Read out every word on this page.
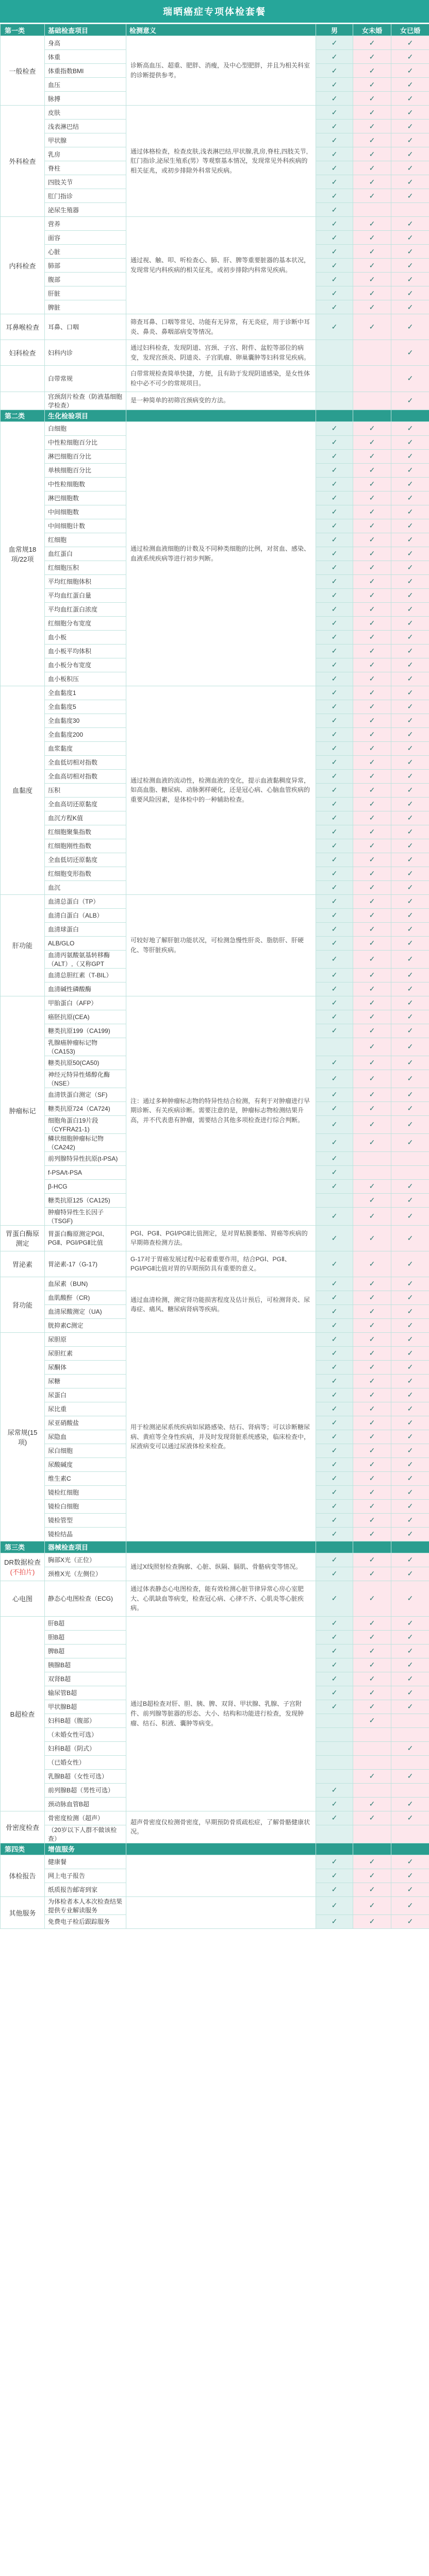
瑞晒癌症专项体检套餐
第一类	基础检查项目	检测意义	男	女未婚	女已婚

一般检查	身高	诊断高血压、超重、肥胖、消瘦，及中心型肥胖，并且为相关科室的诊断提供参考。	✓	✓	✓
	体重		✓	✓	✓
	体重指数BMI		✓	✓	✓
	血压		✓	✓	✓
	脉搏		✓	✓	✓

外科检查	皮肤	通过体格检查，检查皮肤,浅表淋巴结,甲状腺,乳房,脊柱,四肢关节,肛门指诊,泌尿生殖系(男）等观察基本情况，发现常见外科疾病的相关征兆，或初步排除外科常见疾病。	✓	✓	✓
	浅表淋巴结		✓	✓	✓
	甲状腺		✓	✓	✓
	乳房		✓	✓	✓
	脊柱		✓	✓	✓
	四肢关节		✓	✓	✓
	肛门指诊		✓	✓	✓
	泌尿生殖器		✓		

内科检查	营养	通过视、触、叩、听检查心、肺、肝、脾等重要脏器的基本状况，发现常见内科疾病的相关征兆，或初步排除内科常见疾病。	✓	✓	✓
	面容		✓	✓	✓
	心脏		✓	✓	✓
	肺部		✓	✓	✓
	腹部		✓	✓	✓
	肝脏		✓	✓	✓
	脾脏		✓	✓	✓

耳鼻喉检查	耳鼻、口咽	筛查耳鼻、口咽等常见、功能有无异常，有无炎症，用于诊断中耳炎、鼻炎、鼻咽部病变等情况。	✓	✓	✓

妇科检查	妇科内诊	通过妇科检查，发现阴道、宫颈、子宫、附件、盆腔等部位的病变，发现宫颈炎、阴道炎、子宫肌瘤、卵巢囊肿等妇科常见疾病。			✓

	白带常规	白带常规检查简单快捷，方便，且有助于发现阴道感染，是女性体检中必不可少的常规项目。			✓

	宫颈刮片检查（防液基细胞学检查）	是一种简单的初筛宫颈病变的方法。			✓
第二类	生化检验项目				

血常规18项/22项	白细胞	通过检测血液细胞的计数及不同种类细胞的比例，对贫血、感染、血液系统疾病等进行初步判断。	✓	✓	✓
	中性粒细胞百分比		✓	✓	✓
	淋巴细胞百分比		✓	✓	✓
	单核细胞百分比		✓	✓	✓
	中性粒细胞数		✓	✓	✓
	淋巴细胞数		✓	✓	✓
	中间细胞数		✓	✓	✓
	中间细胞计数		✓	✓	✓
	红细胞		✓	✓	✓
	血红蛋白		✓	✓	✓
	红细胞压积		✓	✓	✓
	平均红细胞体积		✓	✓	✓
	平均血红蛋白量		✓	✓	✓
	平均血红蛋白浓度		✓	✓	✓
	红细胞分布宽度		✓	✓	✓
	血小板		✓	✓	✓
	血小板平均体积		✓	✓	✓
	血小板分布宽度		✓	✓	✓
	血小板积压		✓	✓	✓

血黏度	全血黏度1	通过检测血液的流动性，检测血液的变化，提示血液黏稠度异常，如高血脂、糖尿病、动脉粥样硬化，还是冠心病、心脑血管疾病的重要风险因素，是体检中的一种辅助检查。	✓	✓	✓
	全血黏度5		✓	✓	✓
	全血黏度30		✓	✓	✓
	全血黏度200		✓	✓	✓
	血浆黏度		✓	✓	✓
	全血低切相对指数		✓	✓	✓
	全血高切相对指数		✓	✓	✓
	压积		✓	✓	✓
	全血高切还原黏度		✓	✓	✓
	血沉方程K值		✓	✓	✓
	红细胞聚集指数		✓	✓	✓
	红细胞刚性指数		✓	✓	✓
	全血低切还原黏度		✓	✓	✓
	红细胞变形指数		✓	✓	✓
	血沉		✓	✓	✓

肝功能	血清总蛋白（TP）	可较好地了解肝脏功能状况，可检测急慢性肝炎、脂肪肝、肝硬化、等肝脏疾病。	✓	✓	✓
	血清白蛋白（ALB）		✓	✓	✓
	血清球蛋白		✓	✓	✓
	ALB/GLO		✓	✓	✓
	血清丙氨酸氨基转移酶（ALT）,（又称GPT		✓	✓	✓
	血清总胆红素（T-BIL）		✓	✓	✓
	血清碱性磷酸酶		✓	✓	✓

肿瘤标记	甲胎蛋白（AFP）	注：通过多种肿瘤标志物的特异性结合检测，有利于对肿瘤进行早期诊断、有关疾病诊断。需要注意的是，肿瘤标志物检测结果升高，并不代表患有肿瘤，需要结合其他多项检查进行综合判断。	✓	✓	✓
	癌胚抗原(CEA)		✓	✓	✓
	糖类抗原199（CA199)		✓	✓	✓
	乳腺癌肿瘤标记物（CA153)			✓	✓
	糖类抗原50(CA50)		✓	✓	✓
	神经元特异性烯醇化酶（NSE）		✓	✓	✓
	血清铁蛋白测定（SF)		✓	✓	✓
	糖类抗原724（CA724)		✓	✓	✓
	细胞角蛋白19片段（CYFRA21-1)		✓	✓	✓
	鳞状细胞肿瘤标记物（CA242)		✓	✓	✓
	前列腺特异性抗原(t-PSA)		✓		
	f-PSA/t-PSA		✓		
	β-HCG		✓	✓	✓
	糖类抗原125（CA125)			✓	✓
	肿瘤特异性生长因子（TSGF)		✓	✓	✓

胃蛋白酶原测定	胃蛋白酶原测定PGⅠ、PGⅡ、PGⅠ/PGⅡ比值	PGⅠ、PGⅡ、PGⅠ/PGⅡ比值测定，是对胃粘膜萎缩、胃癌等疾病的早期筛查检测方法。	✓	✓	✓

胃泌素	胃泌素-17（G-17)	G-17对于胃癌发展过程中起着重要作用，结合PGⅠ、PGⅡ、PGⅠ/PGⅡ比值对胃的早期预防具有重要的意义。	✓	✓	✓

肾功能	血尿素（BUN)	通过血清检测，测定肾功能损害程度及估计预后，可检测肾炎、尿毒症、痛风、糖尿病肾病等疾病。	✓	✓	✓
	血肌酸酐（CR)		✓	✓	✓
	血清尿酸测定（UA)		✓	✓	✓
	胱抑素C测定		✓	✓	✓

尿常规(15项)	尿胆原	用于检测泌尿系统疾病如尿路感染、结石、肾病等；可以诊断糖尿病、黄疸等全身性疾病，并及时发现肾脏系统感染，临床检查中，尿液病变可以通过尿液体检来检查。	✓	✓	✓
	尿胆红素		✓	✓	✓
	尿酮体		✓	✓	✓
	尿糖		✓	✓	✓
	尿蛋白		✓	✓	✓
	尿比重		✓	✓	✓
	尿亚硝酸盐		✓	✓	✓
	尿隐血		✓	✓	✓
	尿白细胞		✓	✓	✓
	尿酸碱度		✓	✓	✓
	维生素C		✓	✓	✓
	镜检红细胞		✓	✓	✓
	镜检白细胞		✓	✓	✓
	镜检管型		✓	✓	✓
	镜检结晶		✓	✓	✓
第三类	器械检查项目				

DR数据检查
(不拍片)	胸部X光（正位）	通过X线照射检查胸廓、心脏、纵隔、膈肌、骨骼病变等情况。	✓	✓	✓
	颈椎X光（左侧位）		✓	✓	✓

心电图	静态心电图检查（ECG)	通过体表静态心电图检查，能有效检测心脏节律异常心房心室肥大、心肌缺血等病变，检查冠心病、心律不齐、心肌炎等心脏疾病。	✓	✓	✓

B超检查	肝B超	通过B超检查对肝、胆、胰、脾、双肾、甲状腺、乳腺、子宫附件、前列腺等脏器的形态、大小、结构和功能进行检查，发现肿瘤、结石、积液、囊肿等病变。	✓	✓	✓
	胆B超		✓	✓	✓
	脾B超		✓	✓	✓
	胰腺B超		✓	✓	✓
	双肾B超		✓	✓	✓
	输尿管B超		✓	✓	✓
	甲状腺B超		✓	✓	✓
	妇科B超（腹部）			✓	
	（未婚女性可选）				
	妇科B超（阴式）				✓
	（已婚女性）				
	乳腺B超（女性可选）			✓	✓
	前列腺B超（男性可选）		✓		
	颈动脉血管B超		✓	✓	✓

骨密度检查	骨密度检测（超声）	超声骨密度仪检测骨密度，早期预防骨质疏松症，了解骨骼健康状况。	✓	✓	✓
	（20岁以下人群不做该检查）				
第四类	增值服务				

体检报告	健康餐		✓	✓	✓
	网上电子报告		✓	✓	✓
	纸质报告邮寄到家		✓	✓	✓

其他服务	为体检者本人本次检查结果提供专业解读服务		✓	✓	✓
	免费电子检后跟踪服务		✓	✓	✓
